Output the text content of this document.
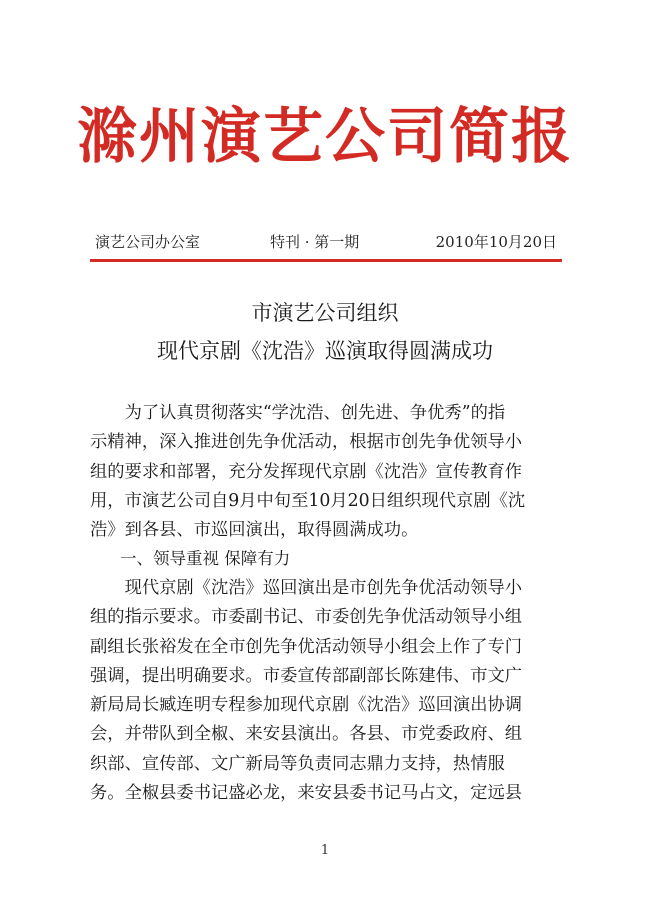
滁州演艺公司简报
演艺公司办公室	特刊 · 第一期	2010年10月20日
市演艺公司组织
现代京剧《沈浩》巡演取得圆满成功

　　为了认真贯彻落实“学沈浩、创先进、争优秀”的指
示精神，深入推进创先争优活动，根据市创先争优领导小
组的要求和部署，充分发挥现代京剧《沈浩》宣传教育作
用，市演艺公司自9月中旬至10月20日组织现代京剧《沈
浩》到各县、市巡回演出，取得圆满成功。

一、领导重视 保障有力

　　现代京剧《沈浩》巡回演出是市创先争优活动领导小
组的指示要求。市委副书记、市委创先争优活动领导小组
副组长张裕发在全市创先争优活动领导小组会上作了专门
强调，提出明确要求。市委宣传部副部长陈建伟、市文广
新局局长臧连明专程参加现代京剧《沈浩》巡回演出协调
会，并带队到全椒、来安县演出。各县、市党委政府、组
织部、宣传部、文广新局等负责同志鼎力支持，热情服
务。全椒县委书记盛必龙，来安县委书记马占文，定远县

1
